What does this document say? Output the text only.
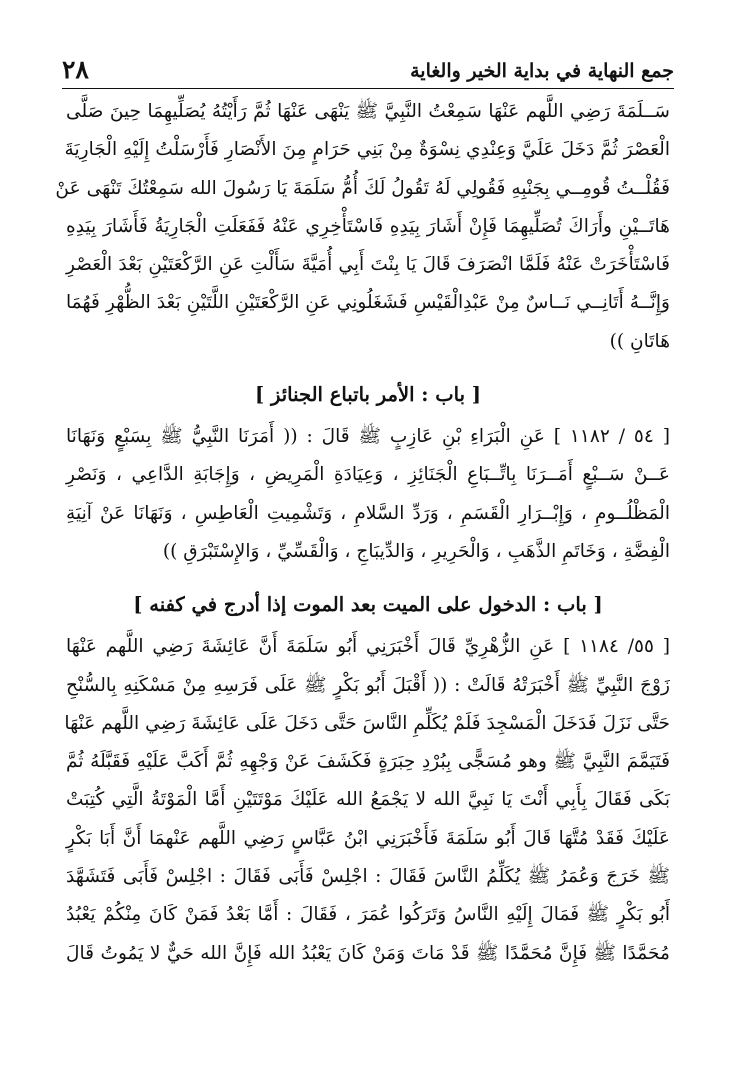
جمع النهاية في بداية الخير والغاية
٢٨
سَــلَمَةَ رَضِي اللَّهم عَنْهَا سَمِعْتُ النَّبِيَّ ﷺ يَنْهَى عَنْهَا ثُمَّ رَأَيْتُهُ يُصَلِّيهِمَا حِينَ صَلَّى
الْعَصْرَ ثُمَّ دَخَلَ عَلَيَّ وَعِنْدِي نِسْوَةٌ مِنْ بَنِي حَرَامٍ مِنَ الأَنْصَارِ فَأَرْسَلْتُ إِلَيْهِ الْجَارِيَةَ
فَقُلْــتُ قُومِــي بِجَنْبِهِ فَقُولِي لَهُ تَقُولُ لَكَ أُمُّ سَلَمَةَ يَا رَسُولَ الله سَمِعْتُكَ تَنْهَى عَنْ
هَاتَــيْنِ وأَرَاكَ تُصَلِّيهِمَا فَإِنْ أَشَارَ بِيَدِهِ فَاسْتَأْخِرِي عَنْهُ فَفَعَلَتِ الْجَارِيَةُ فَأَشَارَ بِيَدِهِ
فَاسْتَأْخَرَتْ عَنْهُ فَلَمَّا انْصَرَفَ قَالَ يَا بِنْتَ أَبِي أُمَيَّةَ سَأَلْتِ عَنِ الرَّكْعَتَيْنِ بَعْدَ الْعَصْرِ
وَإِنَّــهُ أَتَانِــي نَــاسٌ مِنْ عَبْدِالْقَيْسِ فَشَغَلُونِي عَنِ الرَّكْعَتَيْنِ اللَّتَيْنِ بَعْدَ الظُّهْرِ فَهُمَا
هَاتَانِ ))
[ باب : الأمر باتباع الجنائز ]
[ ٥٤ / ١١٨٢ ] عَنِ الْبَرَاءِ بْنِ عَازِبٍ ﷺ قَالَ : (( أَمَرَنَا النَّبِيُّ ﷺ بِسَبْعٍ وَنَهَانَا
عَــنْ سَــبْعٍ أَمَــرَنَا بِاتِّــبَاعِ الْجَنَائِزِ ، وَعِيَادَةِ الْمَرِيضِ ، وَإِجَابَةِ الدَّاعِي ، وَنَصْرِ
الْمَظْلُــومِ ، وَإِبْــرَارِ الْقَسَمِ ، وَرَدِّ السَّلامِ ، وَتَشْمِيتِ الْعَاطِسِ ، وَنَهَانَا عَنْ آنِيَةِ
الْفِضَّةِ ، وَخَاتَمِ الذَّهَبِ ، وَالْحَرِيرِ ، وَالدِّيبَاجِ ، وَالْقَسِّيِّ ، وَالإِسْتَبْرَقِ ))
[ باب : الدخول على الميت بعد الموت إذا أدرج في كفنه ]
[ ٥٥/ ١١٨٤ ] عَنِ الزُّهْرِيِّ قَالَ أَخْبَرَنِي أَبُو سَلَمَةَ أَنَّ عَائِشَةَ رَضِي اللَّهم عَنْهَا
زَوْجَ النَّبِيِّ ﷺ أَخْبَرَتْهُ قَالَتْ : (( أَقْبَلَ أَبُو بَكْرٍ ﷺ عَلَى فَرَسِهِ مِنْ مَسْكَنِهِ بِالسُّنْحِ
حَتَّى نَزَلَ فَدَخَلَ الْمَسْجِدَ فَلَمْ يُكَلِّمِ النَّاسَ حَتَّى دَخَلَ عَلَى عَائِشَةَ رَضِي اللَّهم عَنْهَا
فَتَيَمَّمَ النَّبِيَّ ﷺ وهو مُسَجًّى بِبُرْدِ حِبَرَةٍ فَكَشَفَ عَنْ وَجْهِهِ ثُمَّ أَكَبَّ عَلَيْهِ فَقَبَّلَهُ ثُمَّ
بَكَى فَقَالَ بِأَبِي أَنْتَ يَا نَبِيَّ الله لا يَجْمَعُ الله عَلَيْكَ مَوْتَتَيْنِ أَمَّا الْمَوْتَةُ الَّتِي كُتِبَتْ
عَلَيْكَ فَقَدْ مُتَّهَا قَالَ أَبُو سَلَمَةَ فَأَخْبَرَنِي ابْنُ عَبَّاسٍ رَضِي اللَّهم عَنْهمَا أَنَّ أَبَا بَكْرٍ
ﷺ خَرَجَ وَعُمَرُ ﷺ يُكَلِّمُ النَّاسَ فَقَالَ : اجْلِسْ فَأَبَى فَقَالَ : اجْلِسْ فَأَبَى فَتَشَهَّدَ
أَبُو بَكْرٍ ﷺ فَمَالَ إِلَيْهِ النَّاسُ وَتَرَكُوا عُمَرَ ، فَقَالَ : أَمَّا بَعْدُ فَمَنْ كَانَ مِنْكُمْ يَعْبُدُ
مُحَمَّدًا ﷺ فَإِنَّ مُحَمَّدًا ﷺ قَدْ مَاتَ وَمَنْ كَانَ يَعْبُدُ الله فَإِنَّ الله حَيٌّ لا يَمُوتُ قَالَ
